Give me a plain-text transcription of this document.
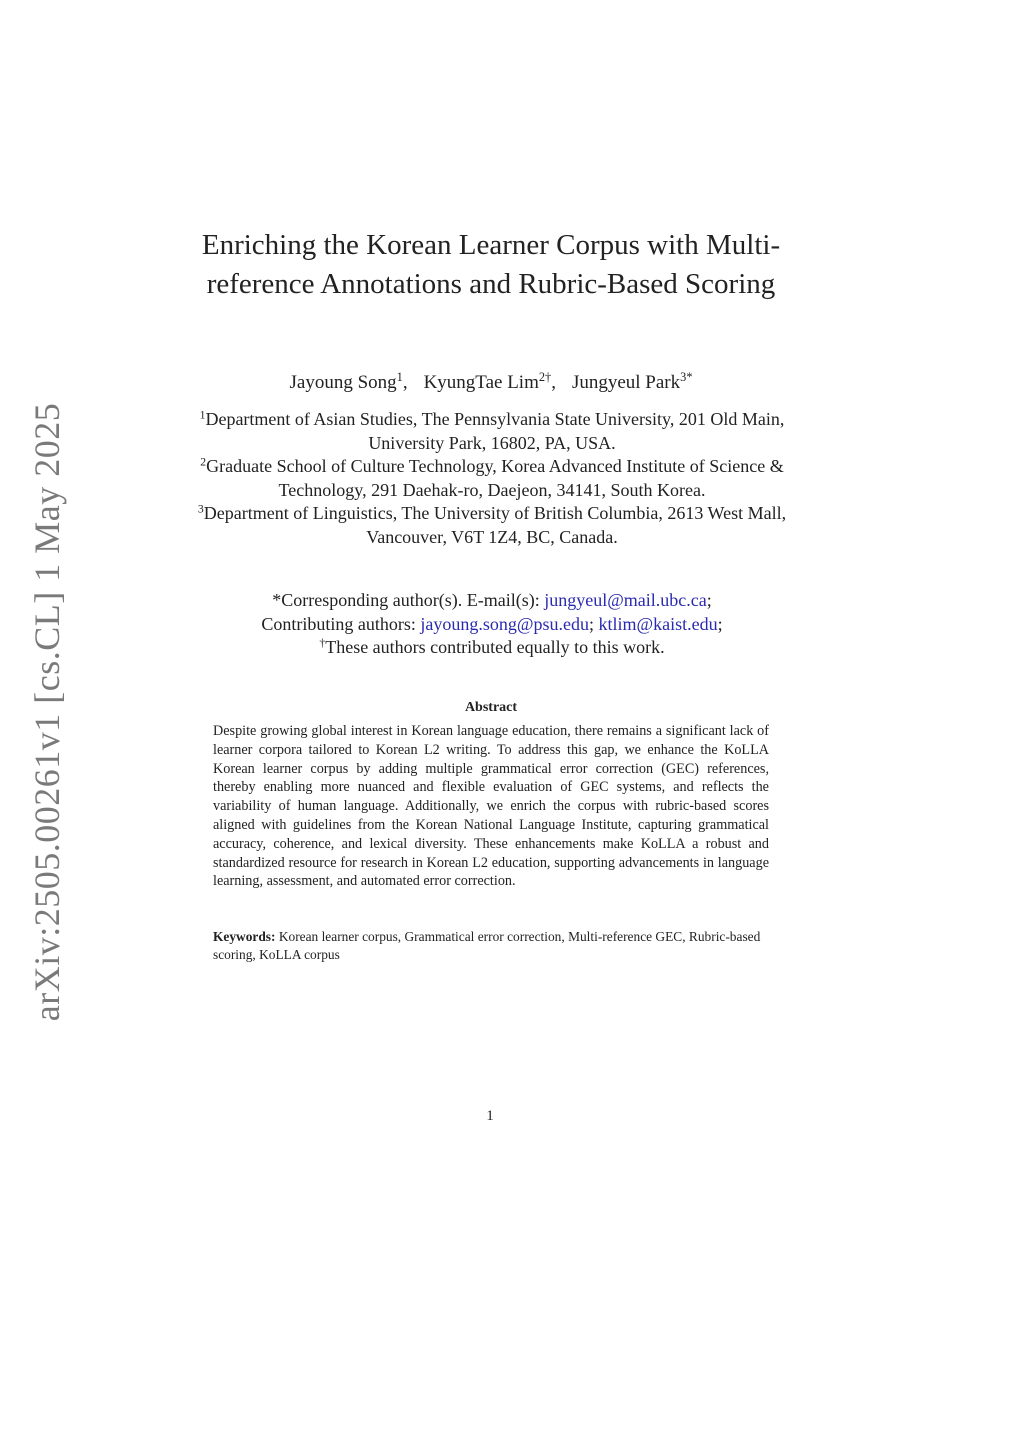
arXiv:2505.00261v1 [cs.CL] 1 May 2025
Enriching the Korean Learner Corpus with Multi-reference Annotations and Rubric-Based Scoring
Jayoung Song$^1$, KyungTae Lim$^{2\dagger}$, Jungyeul Park$^{3*}$
$^1$Department of Asian Studies, The Pennsylvania State University, 201 Old Main, University Park, 16802, PA, USA.
$^2$Graduate School of Culture Technology, Korea Advanced Institute of Science & Technology, 291 Daehak-ro, Daejeon, 34141, South Korea.
$^3$Department of Linguistics, The University of British Columbia, 2613 West Mall, Vancouver, V6T 1Z4, BC, Canada.
*Corresponding author(s). E-mail(s): jungyeul@mail.ubc.ca;
Contributing authors: jayoung.song@psu.edu; ktlim@kaist.edu;
†These authors contributed equally to this work.
Abstract
Despite growing global interest in Korean language education, there remains a significant lack of learner corpora tailored to Korean L2 writing. To address this gap, we enhance the KoLLA Korean learner corpus by adding multiple grammatical error correction (GEC) references, thereby enabling more nuanced and flexible evaluation of GEC systems, and reflects the variability of human language. Additionally, we enrich the corpus with rubric-based scores aligned with guidelines from the Korean National Language Institute, capturing grammatical accuracy, coherence, and lexical diversity. These enhancements make KoLLA a robust and standardized resource for research in Korean L2 education, supporting advancements in language learning, assessment, and automated error correction.
Keywords: Korean learner corpus, Grammatical error correction, Multi-reference GEC, Rubric-based scoring, KoLLA corpus
1
